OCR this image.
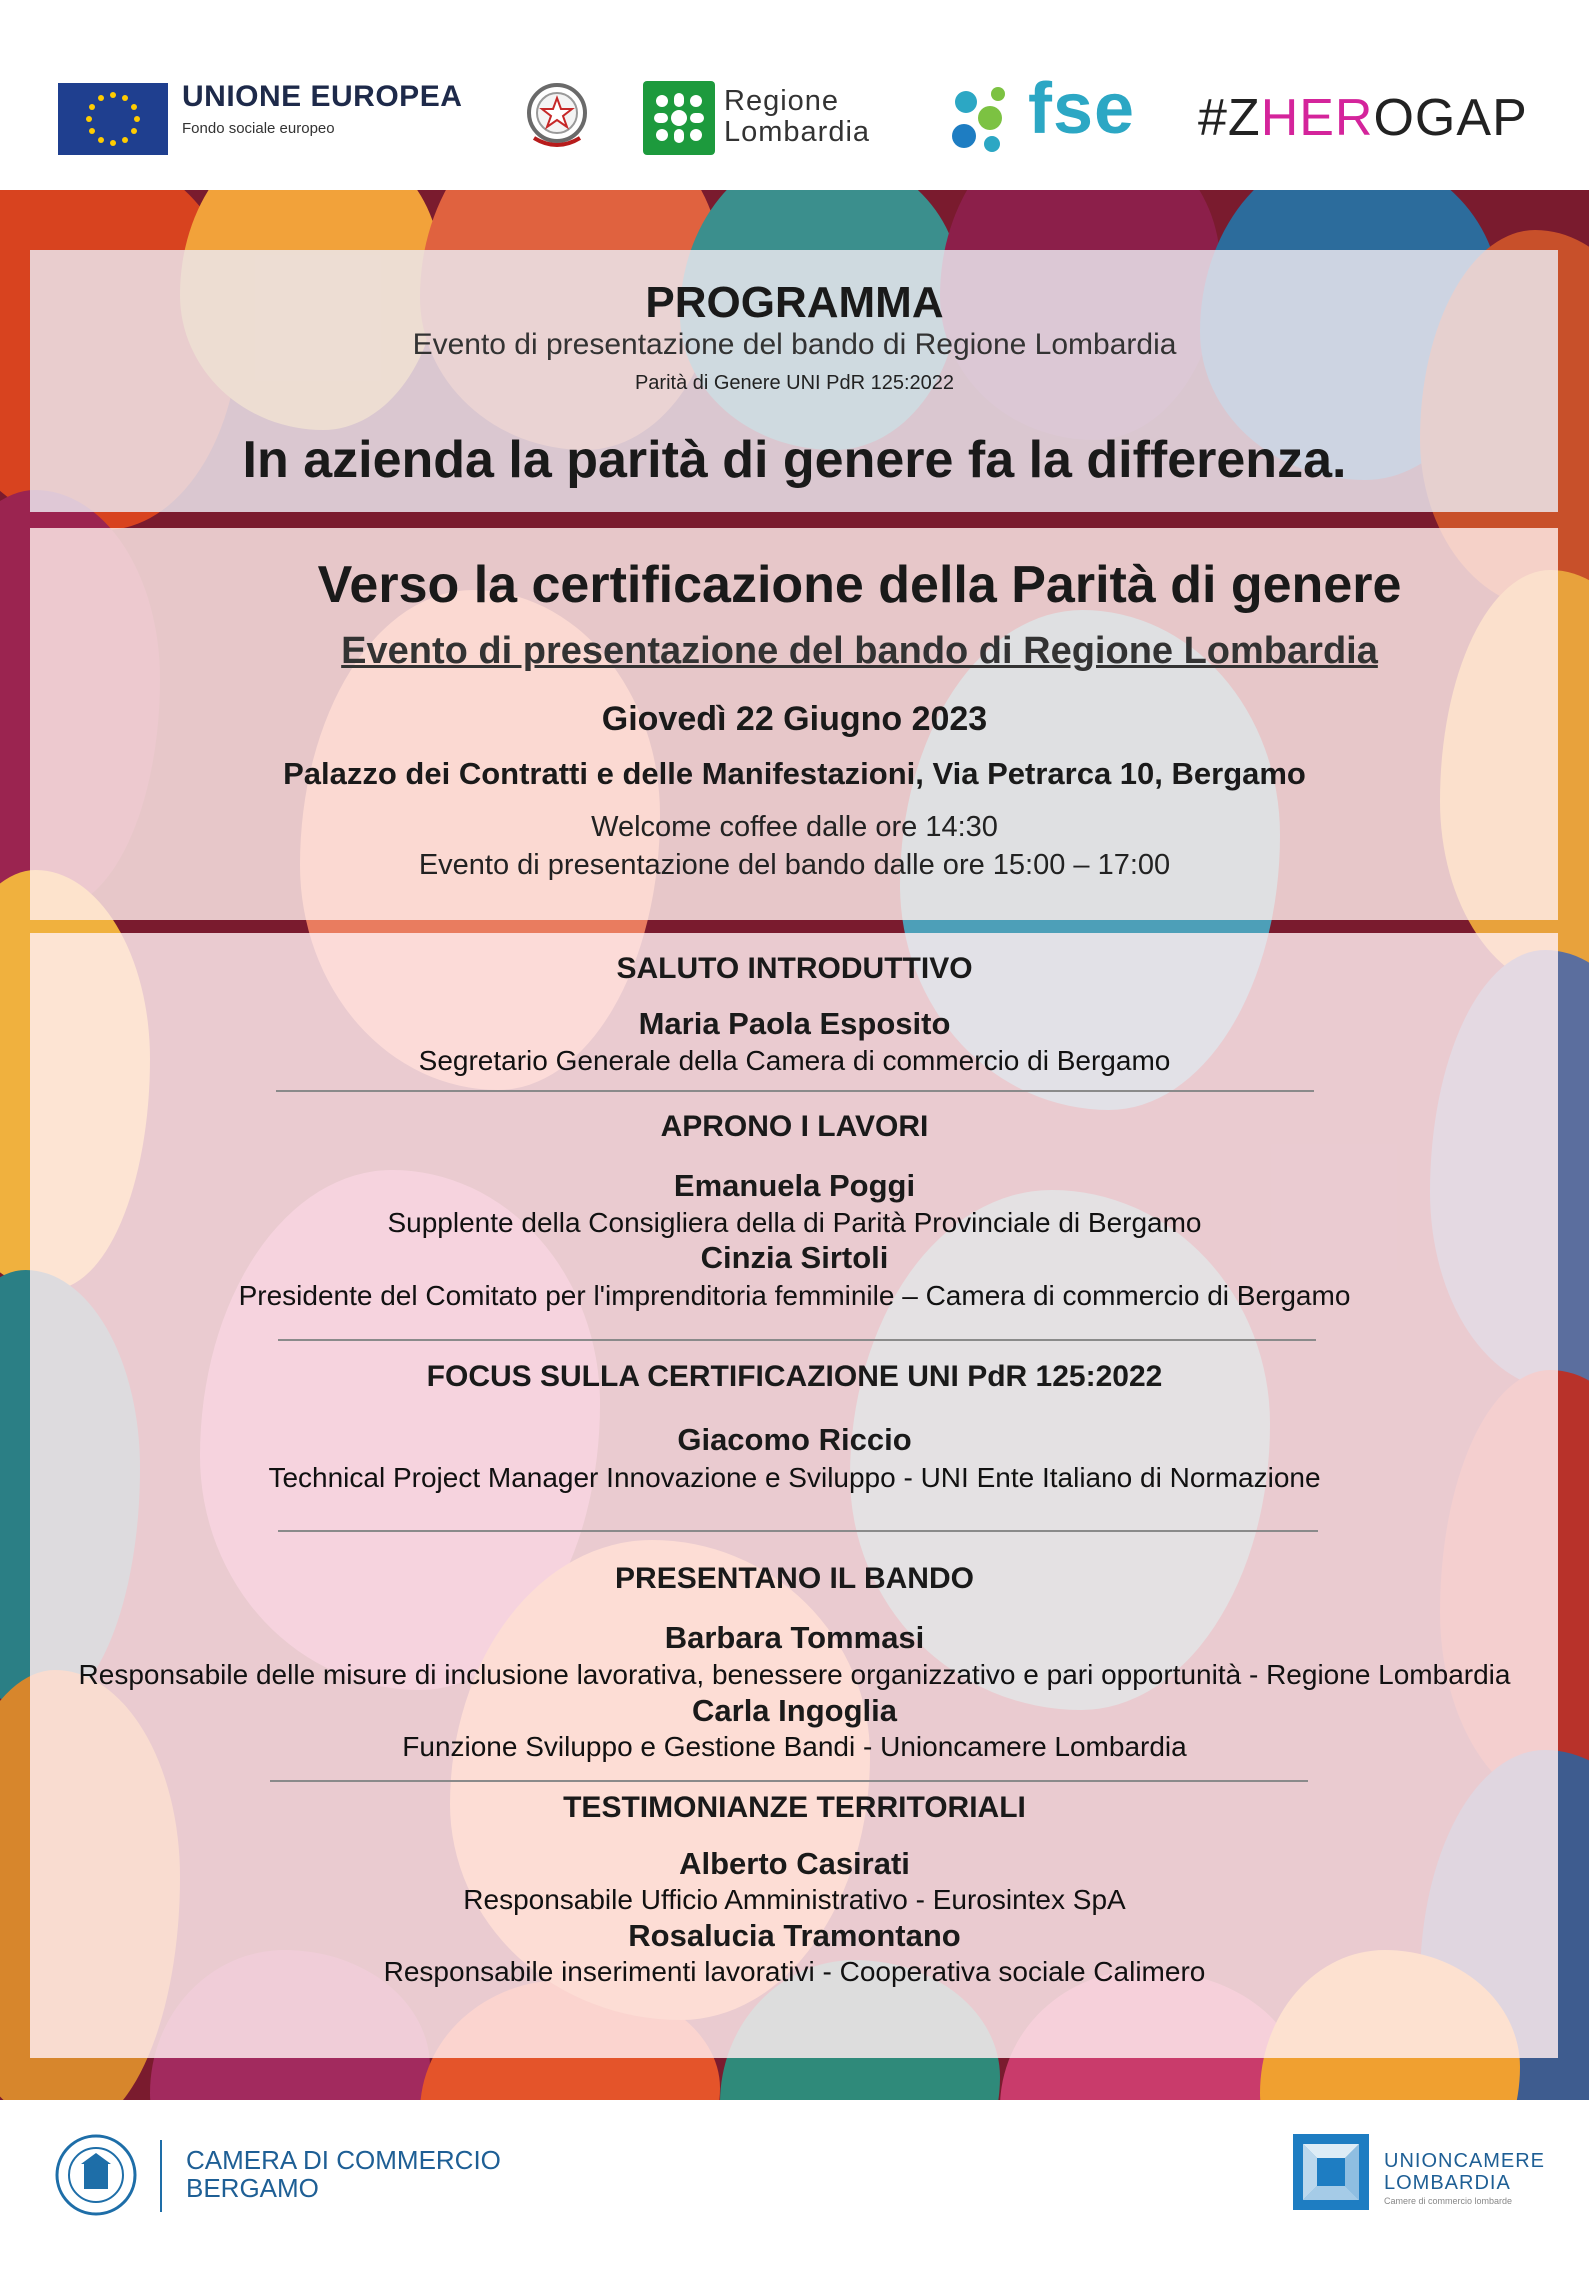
UNIONE EUROPEA
Fondo sociale europeo
Regione
Lombardia fse #ZHEROGAP
PROGRAMMA
Evento di presentazione del bando di Regione Lombardia
Parità di Genere UNI PdR 125:2022
In azienda la parità di genere fa la differenza.
Verso la certificazione della Parità di genere
Evento di presentazione del bando di Regione Lombardia
Giovedì 22 Giugno 2023
Palazzo dei Contratti e delle Manifestazioni, Via Petrarca 10, Bergamo
Welcome coffee dalle ore 14:30
Evento di presentazione del bando dalle ore 15:00 – 17:00
SALUTO INTRODUTTIVO
Maria Paola Esposito
Segretario Generale della Camera di commercio di Bergamo
APRONO I LAVORI
Emanuela Poggi
Supplente della Consigliera della di Parità Provinciale di Bergamo
Cinzia Sirtoli
Presidente del Comitato per l'imprenditoria femminile – Camera di commercio di Bergamo
FOCUS SULLA CERTIFICAZIONE UNI PdR 125:2022
Giacomo Riccio
Technical Project Manager Innovazione e Sviluppo - UNI Ente Italiano di Normazione
PRESENTANO IL BANDO
Barbara Tommasi
Responsabile delle misure di inclusione lavorativa, benessere organizzativo e pari opportunità - Regione Lombardia
Carla Ingoglia
Funzione Sviluppo e Gestione Bandi - Unioncamere Lombardia
TESTIMONIANZE TERRITORIALI
Alberto Casirati
Responsabile Ufficio Amministrativo - Eurosintex SpA
Rosalucia Tramontano
Responsabile inserimenti lavorativi - Cooperativa sociale Calimero
CAMERA DI COMMERCIO
BERGAMO
UNIONCAMERE
LOMBARDIA
Camere di commercio lombarde
